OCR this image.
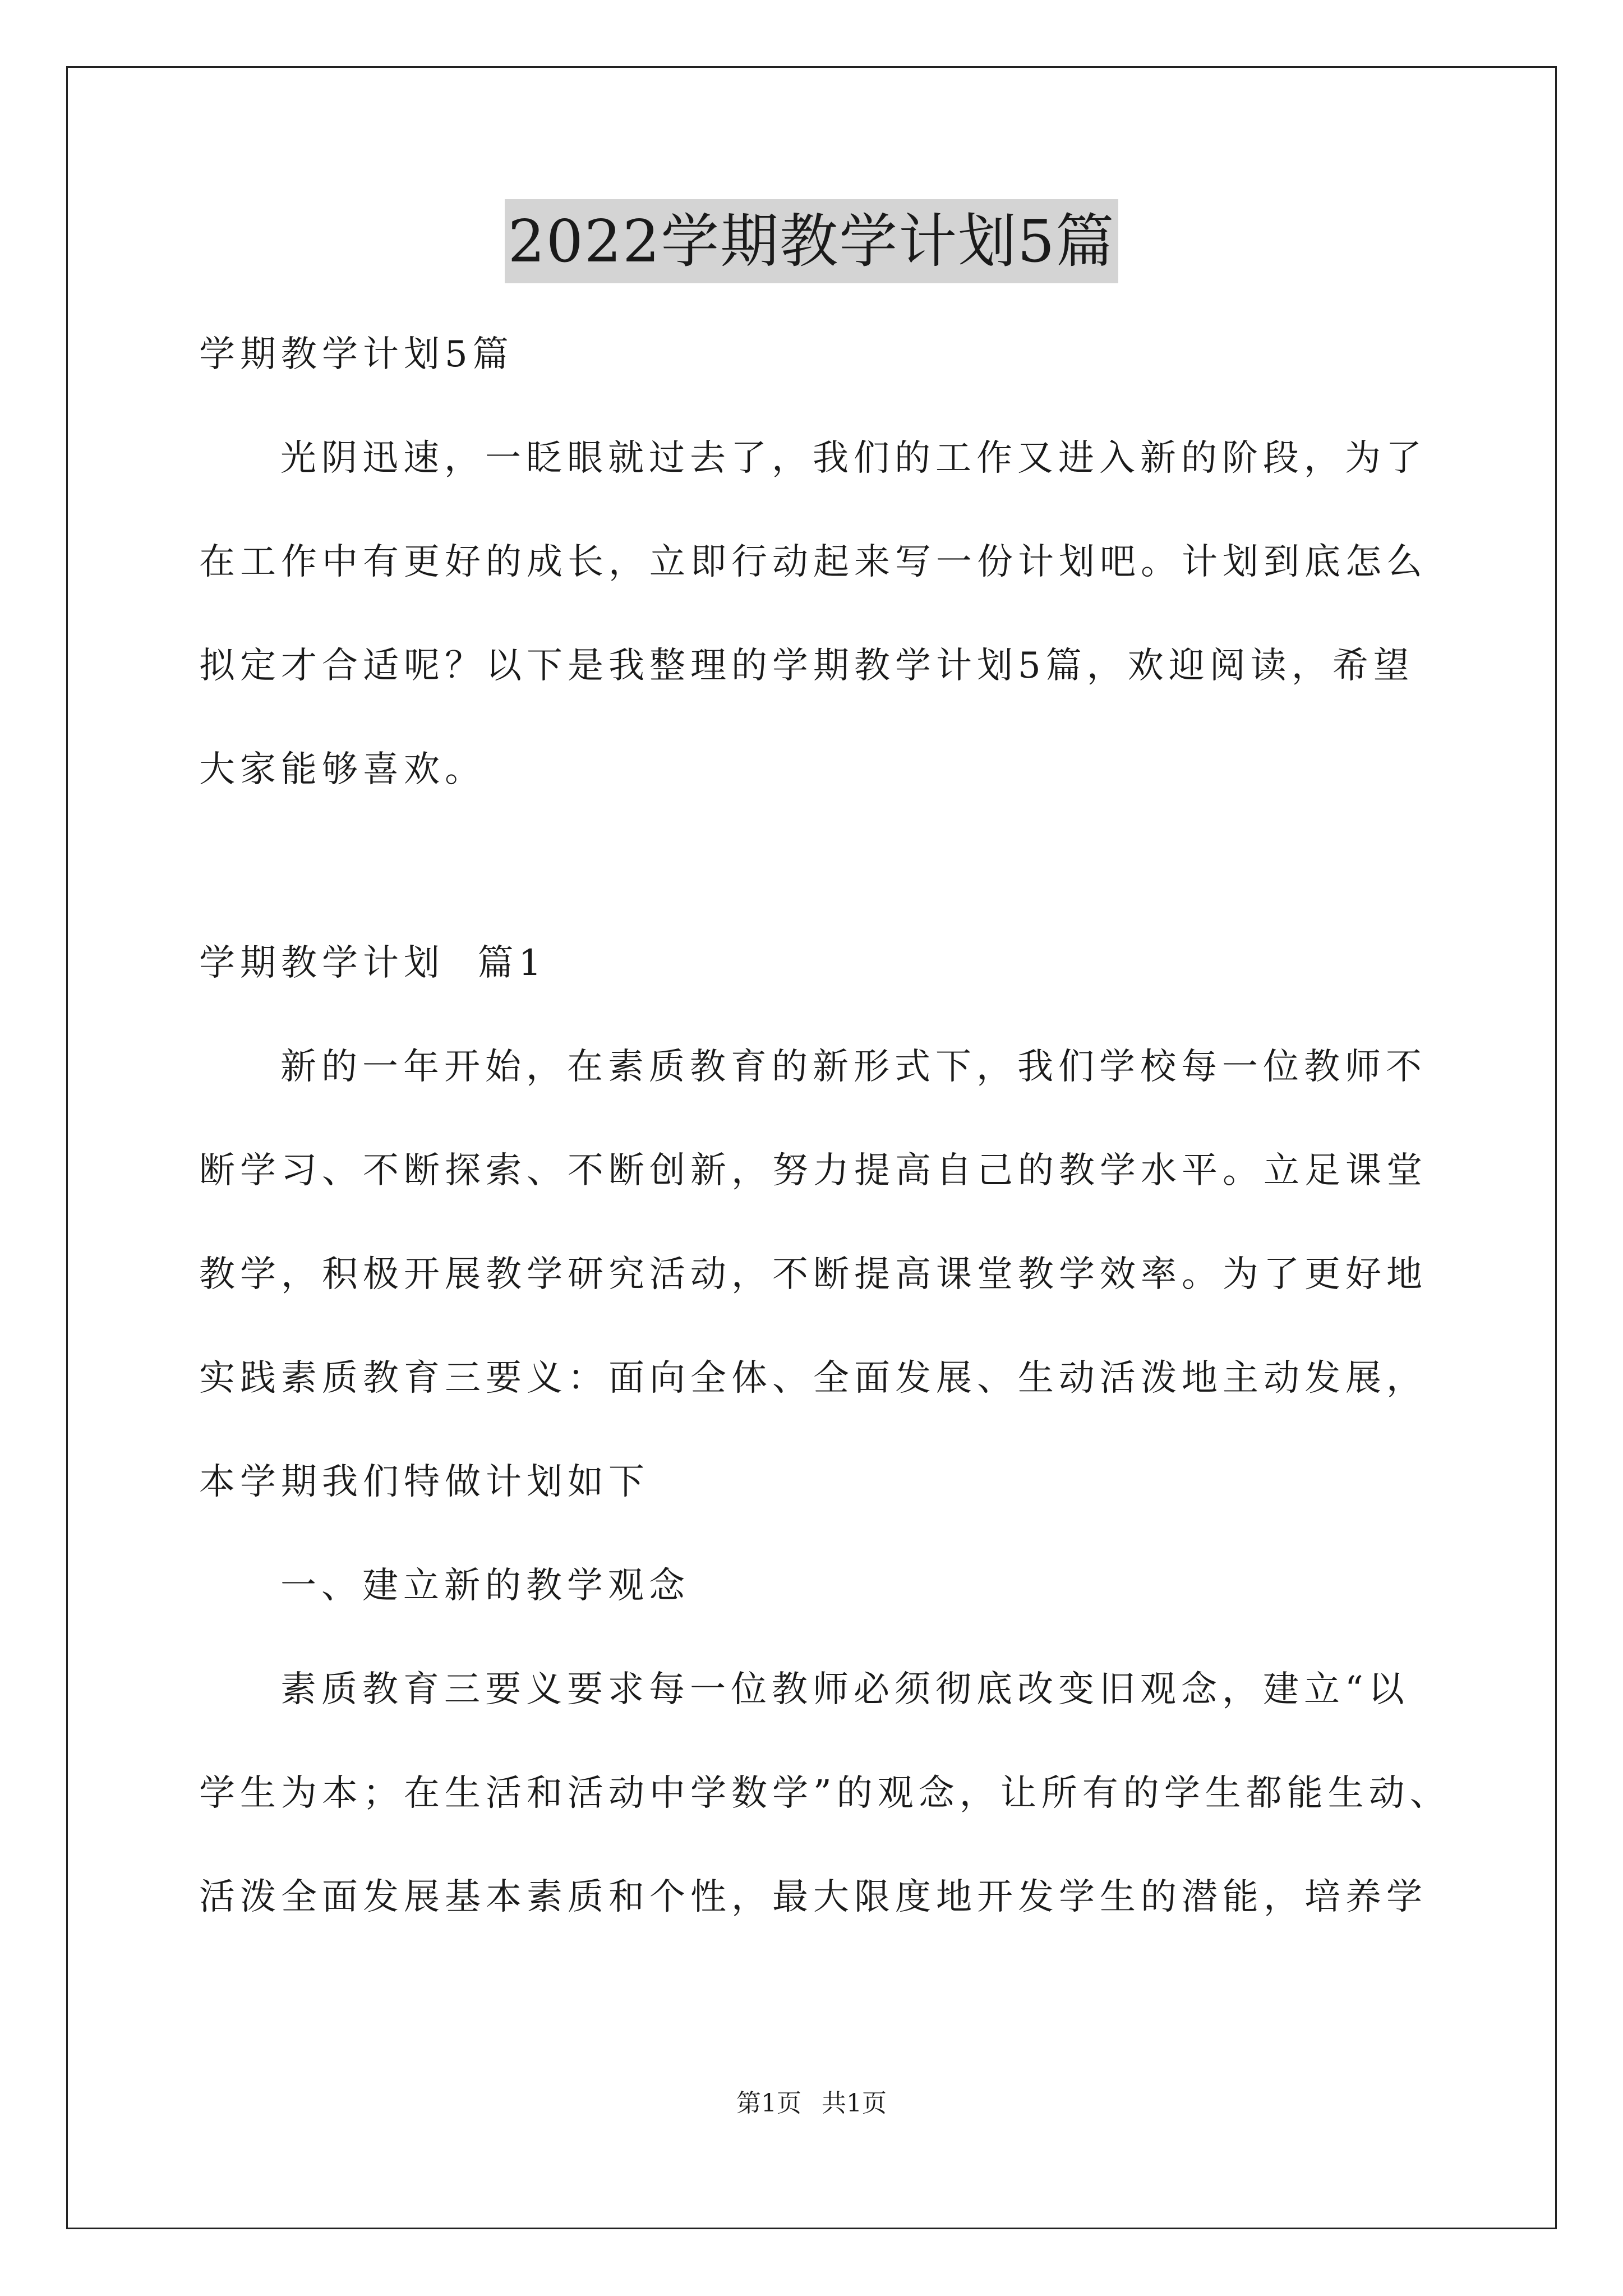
2022学期教学计划5篇
学期教学计划5篇
光阴迅速，一眨眼就过去了，我们的工作又进入新的阶段，为了
在工作中有更好的成长，立即行动起来写一份计划吧。计划到底怎么
拟定才合适呢？以下是我整理的学期教学计划5篇，欢迎阅读，希望
大家能够喜欢。
学期教学计划  篇1
新的一年开始，在素质教育的新形式下，我们学校每一位教师不
断学习、不断探索、不断创新，努力提高自己的教学水平。立足课堂
教学，积极开展教学研究活动，不断提高课堂教学效率。为了更好地
实践素质教育三要义：面向全体、全面发展、生动活泼地主动发展，
本学期我们特做计划如下
一、建立新的教学观念
素质教育三要义要求每一位教师必须彻底改变旧观念，建立“以
学生为本；在生活和活动中学数学”的观念，让所有的学生都能生动、
活泼全面发展基本素质和个性，最大限度地开发学生的潜能，培养学
第1页 共1页
